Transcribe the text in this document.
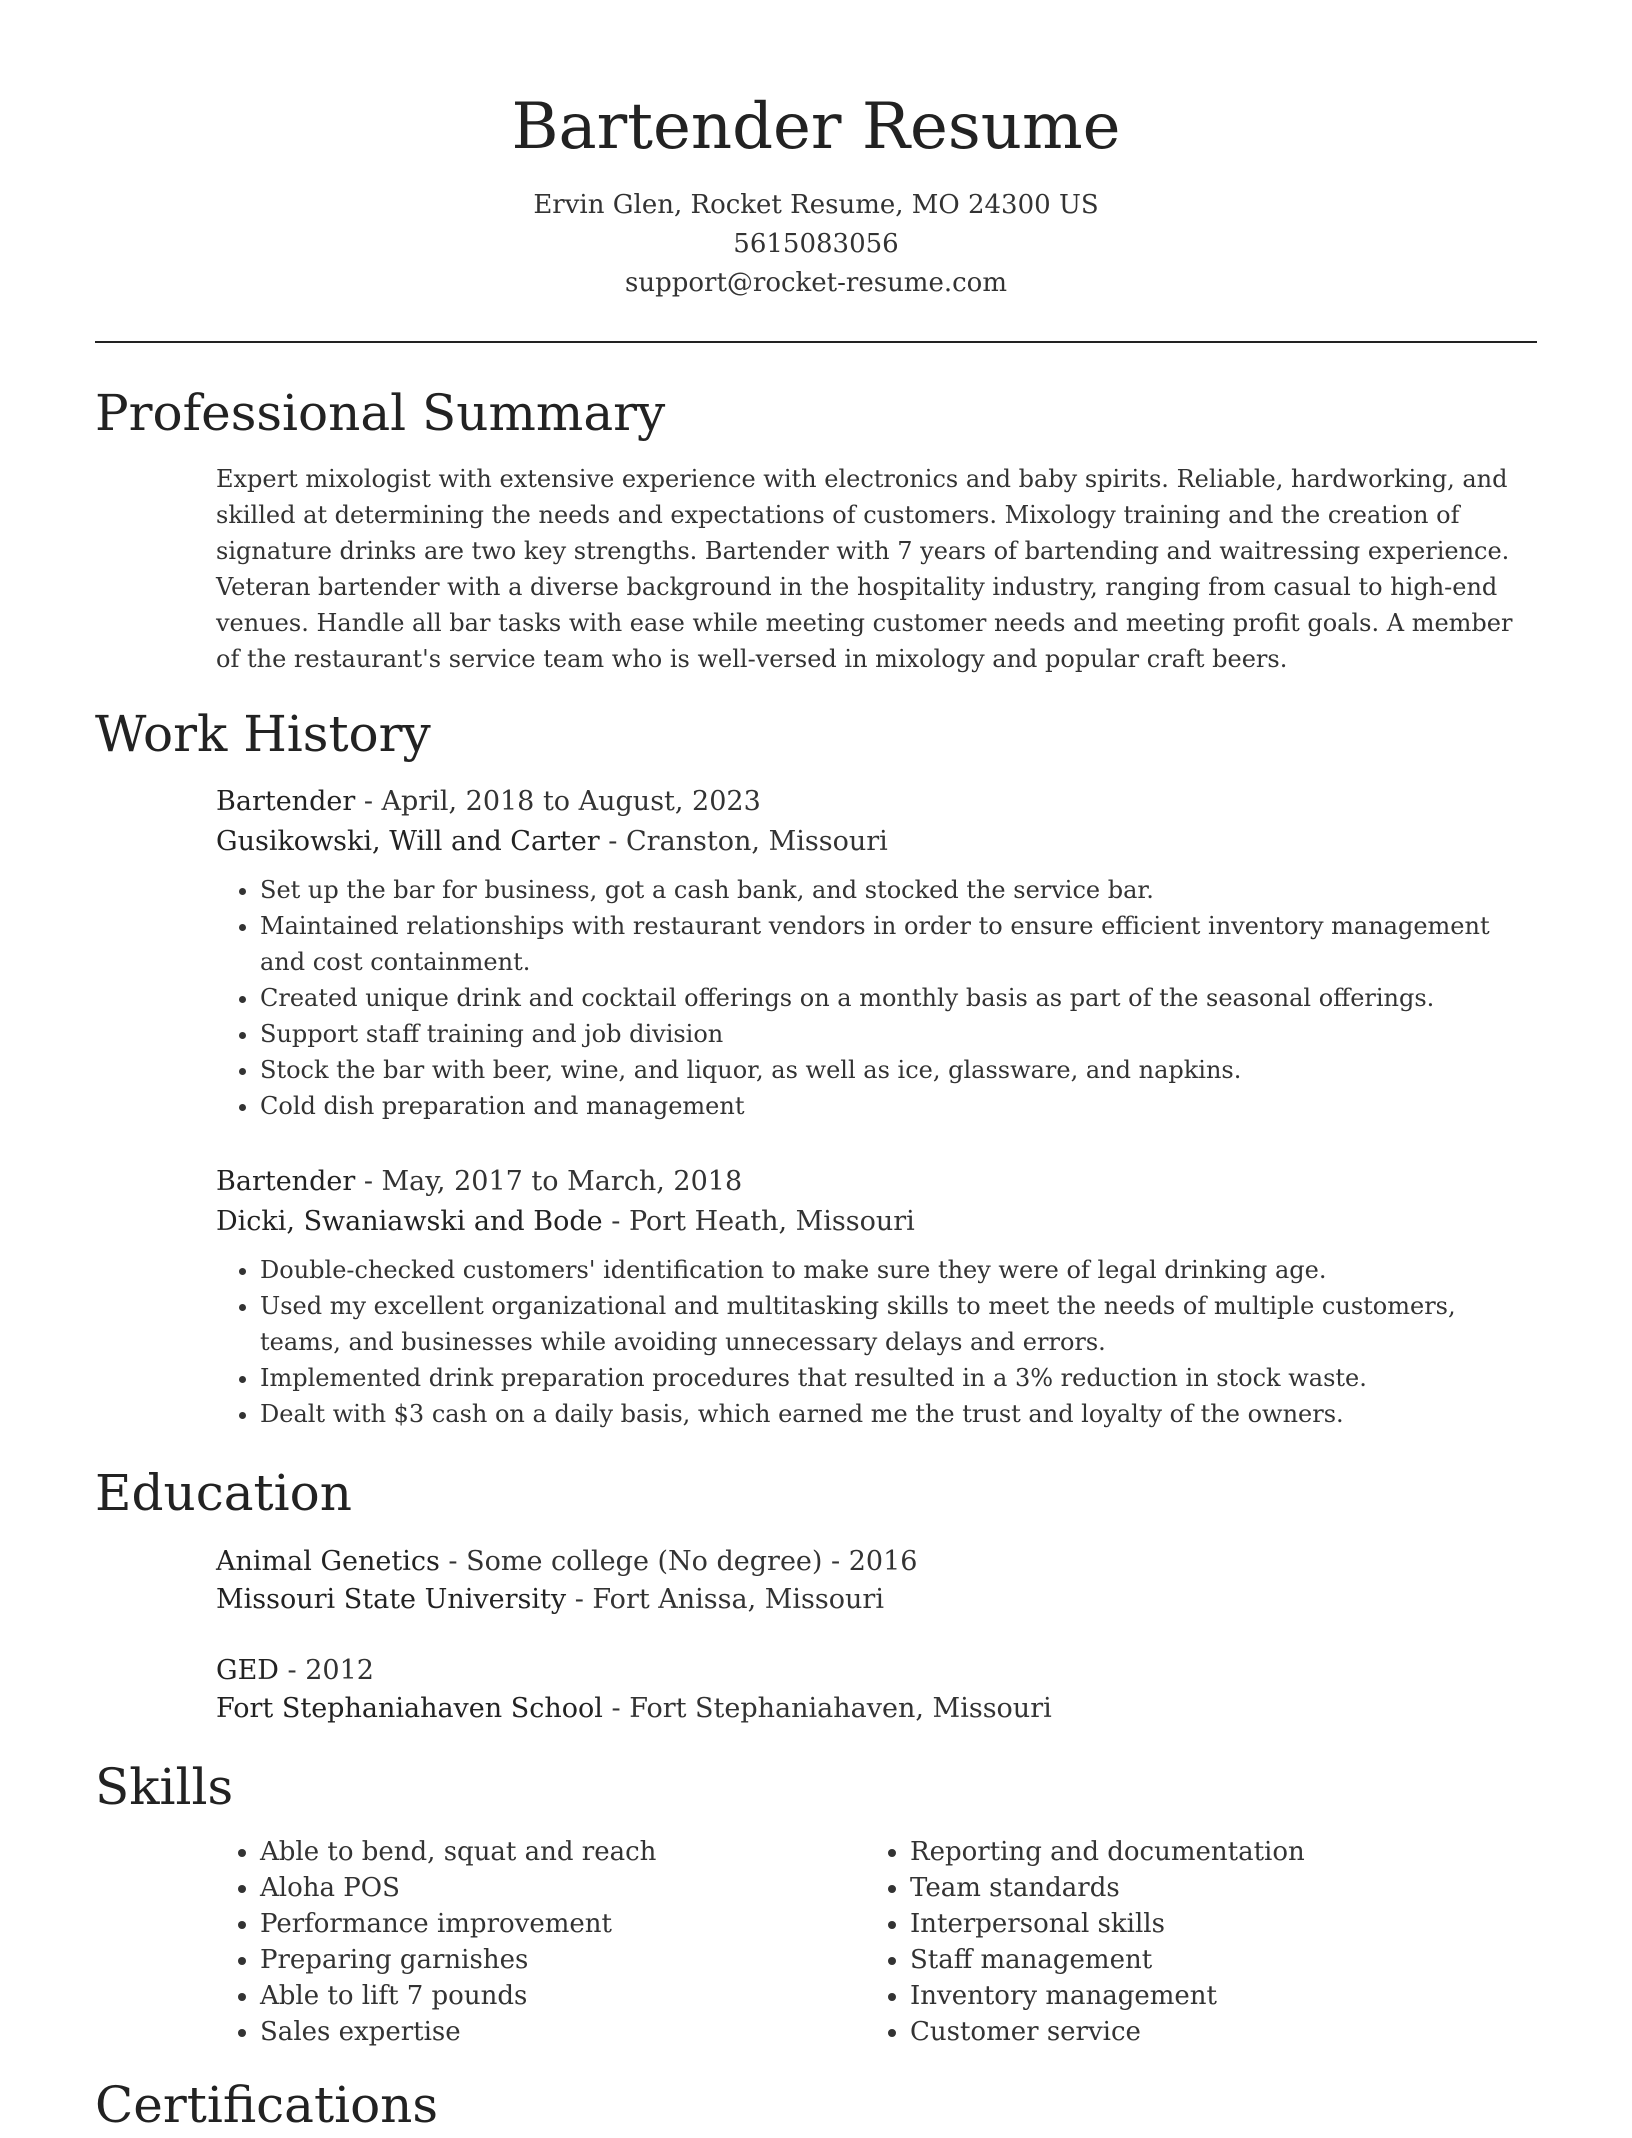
Bartender Resume
Ervin Glen, Rocket Resume, MO 24300 US
5615083056
support@rocket-resume.com
Professional Summary

Expert mixologist with extensive experience with electronics and baby spirits. Reliable, hardworking, and skilled at determining the needs and expectations of customers. Mixology training and the creation of signature drinks are two key strengths. Bartender with 7 years of bartending and waitressing experience. Veteran bartender with a diverse background in the hospitality industry, ranging from casual to high-end venues. Handle all bar tasks with ease while meeting customer needs and meeting profit goals. A member of the restaurant's service team who is well-versed in mixology and popular craft beers.

Work History
Bartender - April, 2018 to August, 2023
Gusikowski, Will and Carter - Cranston, Missouri
• Set up the bar for business, got a cash bank, and stocked the service bar.
• Maintained relationships with restaurant vendors in order to ensure efficient inventory management and cost containment.
• Created unique drink and cocktail offerings on a monthly basis as part of the seasonal offerings.
• Support staff training and job division
• Stock the bar with beer, wine, and liquor, as well as ice, glassware, and napkins.
• Cold dish preparation and management
Bartender - May, 2017 to March, 2018
Dicki, Swaniawski and Bode - Port Heath, Missouri
• Double-checked customers' identification to make sure they were of legal drinking age.
• Used my excellent organizational and multitasking skills to meet the needs of multiple customers, teams, and businesses while avoiding unnecessary delays and errors.
• Implemented drink preparation procedures that resulted in a 3% reduction in stock waste.
• Dealt with $3 cash on a daily basis, which earned me the trust and loyalty of the owners.
Education
Animal Genetics - Some college (No degree) - 2016
Missouri State University - Fort Anissa, Missouri
GED - 2012
Fort Stephaniahaven School - Fort Stephaniahaven, Missouri
Skills
• Able to bend, squat and reach
• Aloha POS
• Performance improvement
• Preparing garnishes
• Able to lift 7 pounds
• Sales expertise
• Reporting and documentation
• Team standards
• Interpersonal skills
• Staff management
• Inventory management
• Customer service
Certifications
